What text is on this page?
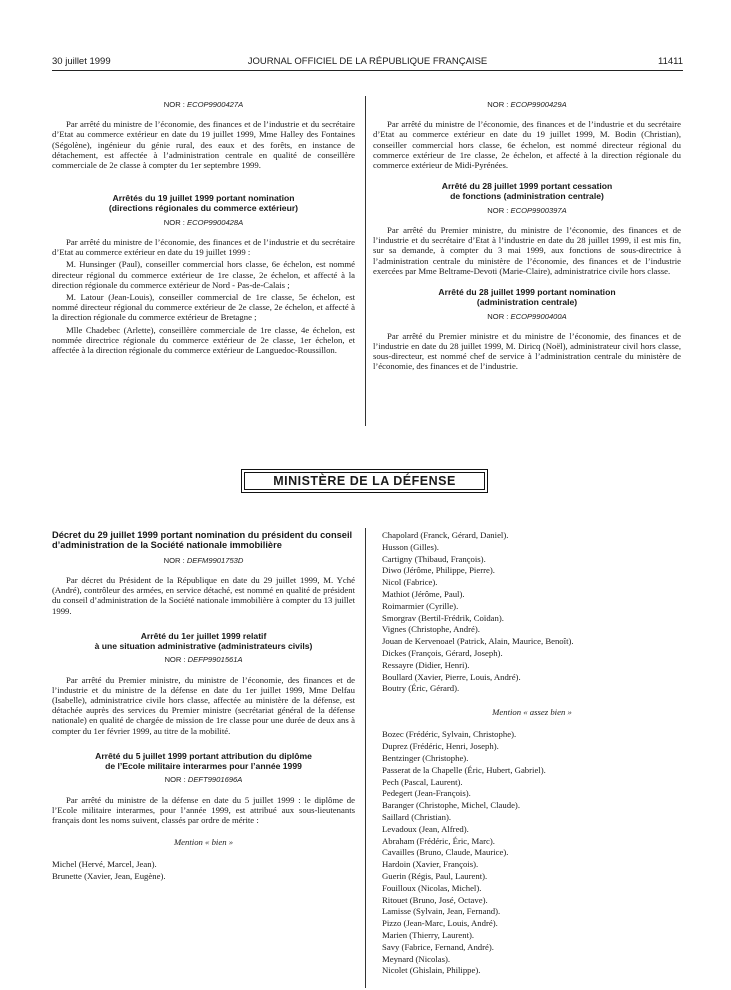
30 juillet 1999	JOURNAL OFFICIEL DE LA RÉPUBLIQUE FRANÇAISE	11411
NOR : ECOP9900427A

Par arrêté du ministre de l’économie, des finances et de l’industrie et du secrétaire d’Etat au commerce extérieur en date du 19 juillet 1999, Mme Halley des Fontaines (Ségolène), ingénieur du génie rural, des eaux et des forêts, en instance de détachement, est affectée à l’administration centrale en qualité de conseillère commerciale de 2e classe à compter du 1er septembre 1999.

Arrêtés du 19 juillet 1999 portant nomination
(directions régionales du commerce extérieur)
NOR : ECOP9900428A

Par arrêté du ministre de l’économie, des finances et de l’industrie et du secrétaire d’Etat au commerce extérieur en date du 19 juillet 1999 :

M. Hunsinger (Paul), conseiller commercial hors classe, 6e échelon, est nommé directeur régional du commerce extérieur de 1re classe, 2e échelon, et affecté à la direction régionale du commerce extérieur de Nord - Pas-de-Calais ;

M. Latour (Jean-Louis), conseiller commercial de 1re classe, 5e échelon, est nommé directeur régional du commerce extérieur de 2e classe, 2e échelon, et affecté à la direction régionale du commerce extérieur de Bretagne ;

Mlle Chadebec (Arlette), conseillère commerciale de 1re classe, 4e échelon, est nommée directrice régionale du commerce extérieur de 2e classe, 1er échelon, et affectée à la direction régionale du commerce extérieur de Languedoc-Roussillon.

NOR : ECOP9900429A

Par arrêté du ministre de l’économie, des finances et de l’industrie et du secrétaire d’Etat au commerce extérieur en date du 19 juillet 1999, M. Bodin (Christian), conseiller commercial hors classe, 6e échelon, est nommé directeur régional du commerce extérieur de 1re classe, 2e échelon, et affecté à la direction régionale du commerce extérieur de Midi-Pyrénées.

Arrêté du 28 juillet 1999 portant cessation
de fonctions (administration centrale)
NOR : ECOP9900397A

Par arrêté du Premier ministre, du ministre de l’économie, des finances et de l’industrie et du secrétaire d’Etat à l’industrie en date du 28 juillet 1999, il est mis fin, sur sa demande, à compter du 3 mai 1999, aux fonctions de sous-directrice à l’administration centrale du ministère de l’économie, des finances et de l’industrie exercées par Mme Beltrame-Devoti (Marie-Claire), administratrice civile hors classe.

Arrêté du 28 juillet 1999 portant nomination
(administration centrale)
NOR : ECOP9900400A

Par arrêté du Premier ministre et du ministre de l’économie, des finances et de l’industrie en date du 28 juillet 1999, M. Diricq (Noël), administrateur civil hors classe, sous-directeur, est nommé chef de service à l’administration centrale du ministère de l’économie, des finances et de l’industrie.

MINISTÈRE DE LA DÉFENSE
Décret du 29 juillet 1999 portant nomination du président du conseil d’administration de la Société nationale immobilière
NOR : DEFM9901753D

Par décret du Président de la République en date du 29 juillet 1999, M. Yché (André), contrôleur des armées, en service détaché, est nommé en qualité de président du conseil d’administration de la Société nationale immobilière à compter du 13 juillet 1999.

Arrêté du 1er juillet 1999 relatif
à une situation administrative (administrateurs civils)
NOR : DEFP9901561A

Par arrêté du Premier ministre, du ministre de l’économie, des finances et de l’industrie et du ministre de la défense en date du 1er juillet 1999, Mme Delfau (Isabelle), administratrice civile hors classe, affectée au ministère de la défense, est détachée auprès des services du Premier ministre (secrétariat général de la défense nationale) en qualité de chargée de mission de 1re classe pour une durée de deux ans à compter du 1er février 1999, au titre de la mobilité.

Arrêté du 5 juillet 1999 portant attribution du diplôme
de l’Ecole militaire interarmes pour l’année 1999
NOR : DEFT9901696A

Par arrêté du ministre de la défense en date du 5 juillet 1999 : le diplôme de l’Ecole militaire interarmes, pour l’année 1999, est attribué aux sous-lieutenants français dont les noms suivent, classés par ordre de mérite :

Mention « bien »
Michel (Hervé, Marcel, Jean).
Brunette (Xavier, Jean, Eugène).
Chapolard (Franck, Gérard, Daniel).
Husson (Gilles).
Cartigny (Thibaud, François).
Diwo (Jérôme, Philippe, Pierre).
Nicol (Fabrice).
Mathiot (Jérôme, Paul).
Roimarmier (Cyrille).
Smorgrav (Bertil-Frédrik, Coïdan).
Vignes (Christophe, André).
Jouan de Kervenoael (Patrick, Alain, Maurice, Benoît).
Dickes (François, Gérard, Joseph).
Ressayre (Didier, Henri).
Boullard (Xavier, Pierre, Louis, André).
Boutry (Éric, Gérard).
Mention « assez bien »
Bozec (Frédéric, Sylvain, Christophe).
Duprez (Frédéric, Henri, Joseph).
Bentzinger (Christophe).
Passerat de la Chapelle (Éric, Hubert, Gabriel).
Pech (Pascal, Laurent).
Pedegert (Jean-François).
Baranger (Christophe, Michel, Claude).
Saillard (Christian).
Levadoux (Jean, Alfred).
Abraham (Frédéric, Éric, Marc).
Cavailles (Bruno, Claude, Maurice).
Hardoin (Xavier, François).
Guerin (Régis, Paul, Laurent).
Fouilloux (Nicolas, Michel).
Ritouet (Bruno, José, Octave).
Lamisse (Sylvain, Jean, Fernand).
Pizzo (Jean-Marc, Louis, André).
Marien (Thierry, Laurent).
Savy (Fabrice, Fernand, André).
Meynard (Nicolas).
Nicolet (Ghislain, Philippe).
